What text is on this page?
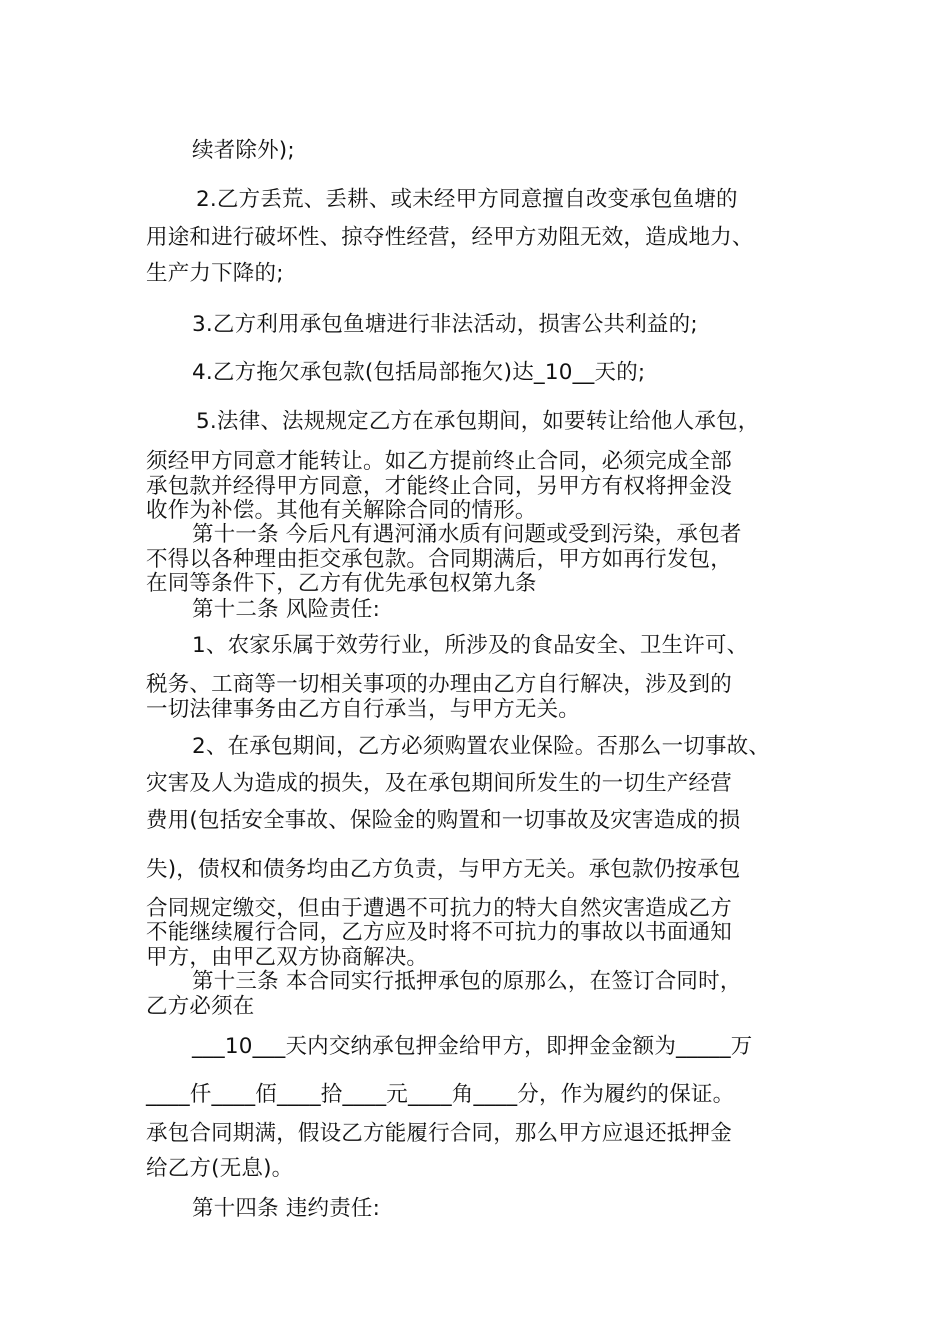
续者除外);
2.乙方丢荒、丢耕、或未经甲方同意擅自改变承包鱼塘的
用途和进行破坏性、掠夺性经营，经甲方劝阻无效，造成地力、
生产力下降的;
3.乙方利用承包鱼塘进行非法活动，损害公共利益的;
4.乙方拖欠承包款(包括局部拖欠)达_10__天的;
5.法律、法规规定乙方在承包期间，如要转让给他人承包，
须经甲方同意才能转让。如乙方提前终止合同，必须完成全部
承包款并经得甲方同意，才能终止合同，另甲方有权将押金没
收作为补偿。其他有关解除合同的情形。
第十一条 今后凡有遇河涌水质有问题或受到污染，承包者
不得以各种理由拒交承包款。合同期满后，甲方如再行发包，
在同等条件下，乙方有优先承包权第九条
第十二条 风险责任:
1、农家乐属于效劳行业，所涉及的食品安全、卫生许可、
税务、工商等一切相关事项的办理由乙方自行解决，涉及到的
一切法律事务由乙方自行承当，与甲方无关。
2、在承包期间，乙方必须购置农业保险。否那么一切事故、
灾害及人为造成的损失，及在承包期间所发生的一切生产经营
费用(包括安全事故、保险金的购置和一切事故及灾害造成的损
失)，债权和债务均由乙方负责，与甲方无关。承包款仍按承包
合同规定缴交，但由于遭遇不可抗力的特大自然灾害造成乙方
不能继续履行合同，乙方应及时将不可抗力的事故以书面通知
甲方，由甲乙双方协商解决。
第十三条 本合同实行抵押承包的原那么，在签订合同时，
乙方必须在
___10___天内交纳承包押金给甲方，即押金金额为_____万
____仟____佰____拾____元____角____分，作为履约的保证。
承包合同期满，假设乙方能履行合同，那么甲方应退还抵押金
给乙方(无息)。
第十四条 违约责任:
